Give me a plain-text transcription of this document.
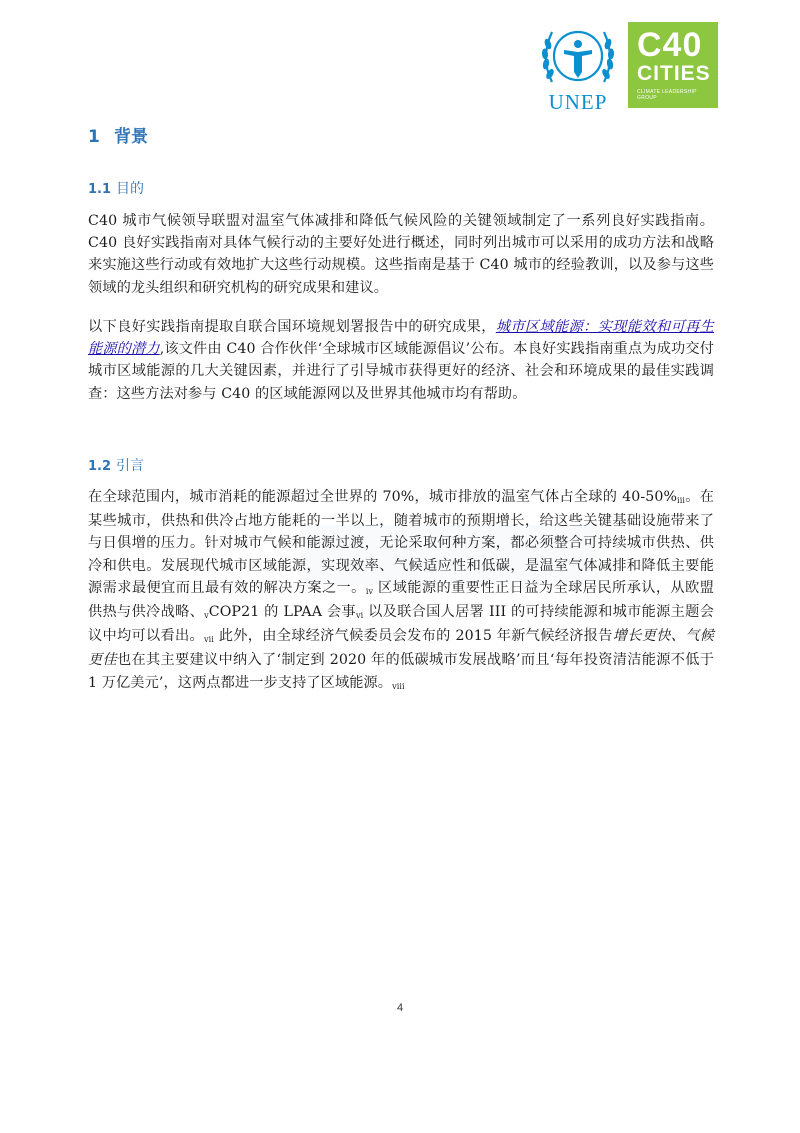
UNEP
C40
CITIES
CLIMATE LEADERSHIP GROUP
1 背景
1.1 目的
C40 城市气候领导联盟对温室气体减排和降低气候风险的关键领域制定了一系列良好实践指南。C40 良好实践指南对具体气候行动的主要好处进行概述，同时列出城市可以采用的成功方法和战略来实施这些行动或有效地扩大这些行动规模。这些指南是基于 C40 城市的经验教训，以及参与这些领域的龙头组织和研究机构的研究成果和建议。
以下良好实践指南提取自联合国环境规划署报告中的研究成果，城市区域能源：实现能效和可再生能源的潜力,该文件由 C40 合作伙伴‘全球城市区域能源倡议’公布。本良好实践指南重点为成功交付城市区域能源的几大关键因素，并进行了引导城市获得更好的经济、社会和环境成果的最佳实践调查：这些方法对参与 C40 的区域能源网以及世界其他城市均有帮助。
1.2 引言
在全球范围内，城市消耗的能源超过全世界的 70%，城市排放的温室气体占全球的 40-50%iii。在某些城市，供热和供冷占地方能耗的一半以上，随着城市的预期增长，给这些关键基础设施带来了与日俱增的压力。针对城市气候和能源过渡，无论采取何种方案，都必须整合可持续城市供热、供冷和供电。发展现代城市区域能源，实现效率、气候适应性和低碳，是温室气体减排和降低主要能源需求最便宜而且最有效的解决方案之一。iv 区域能源的重要性正日益为全球居民所承认，从欧盟供热与供冷战略、vCOP21 的 LPAA 会事vi 以及联合国人居署 III 的可持续能源和城市能源主题会议中均可以看出。vii 此外，由全球经济气候委员会发布的 2015 年新气候经济报告增长更快、气候更佳也在其主要建议中纳入了‘制定到 2020 年的低碳城市发展战略’而且‘每年投资清洁能源不低于 1 万亿美元’，这两点都进一步支持了区域能源。viii
4
